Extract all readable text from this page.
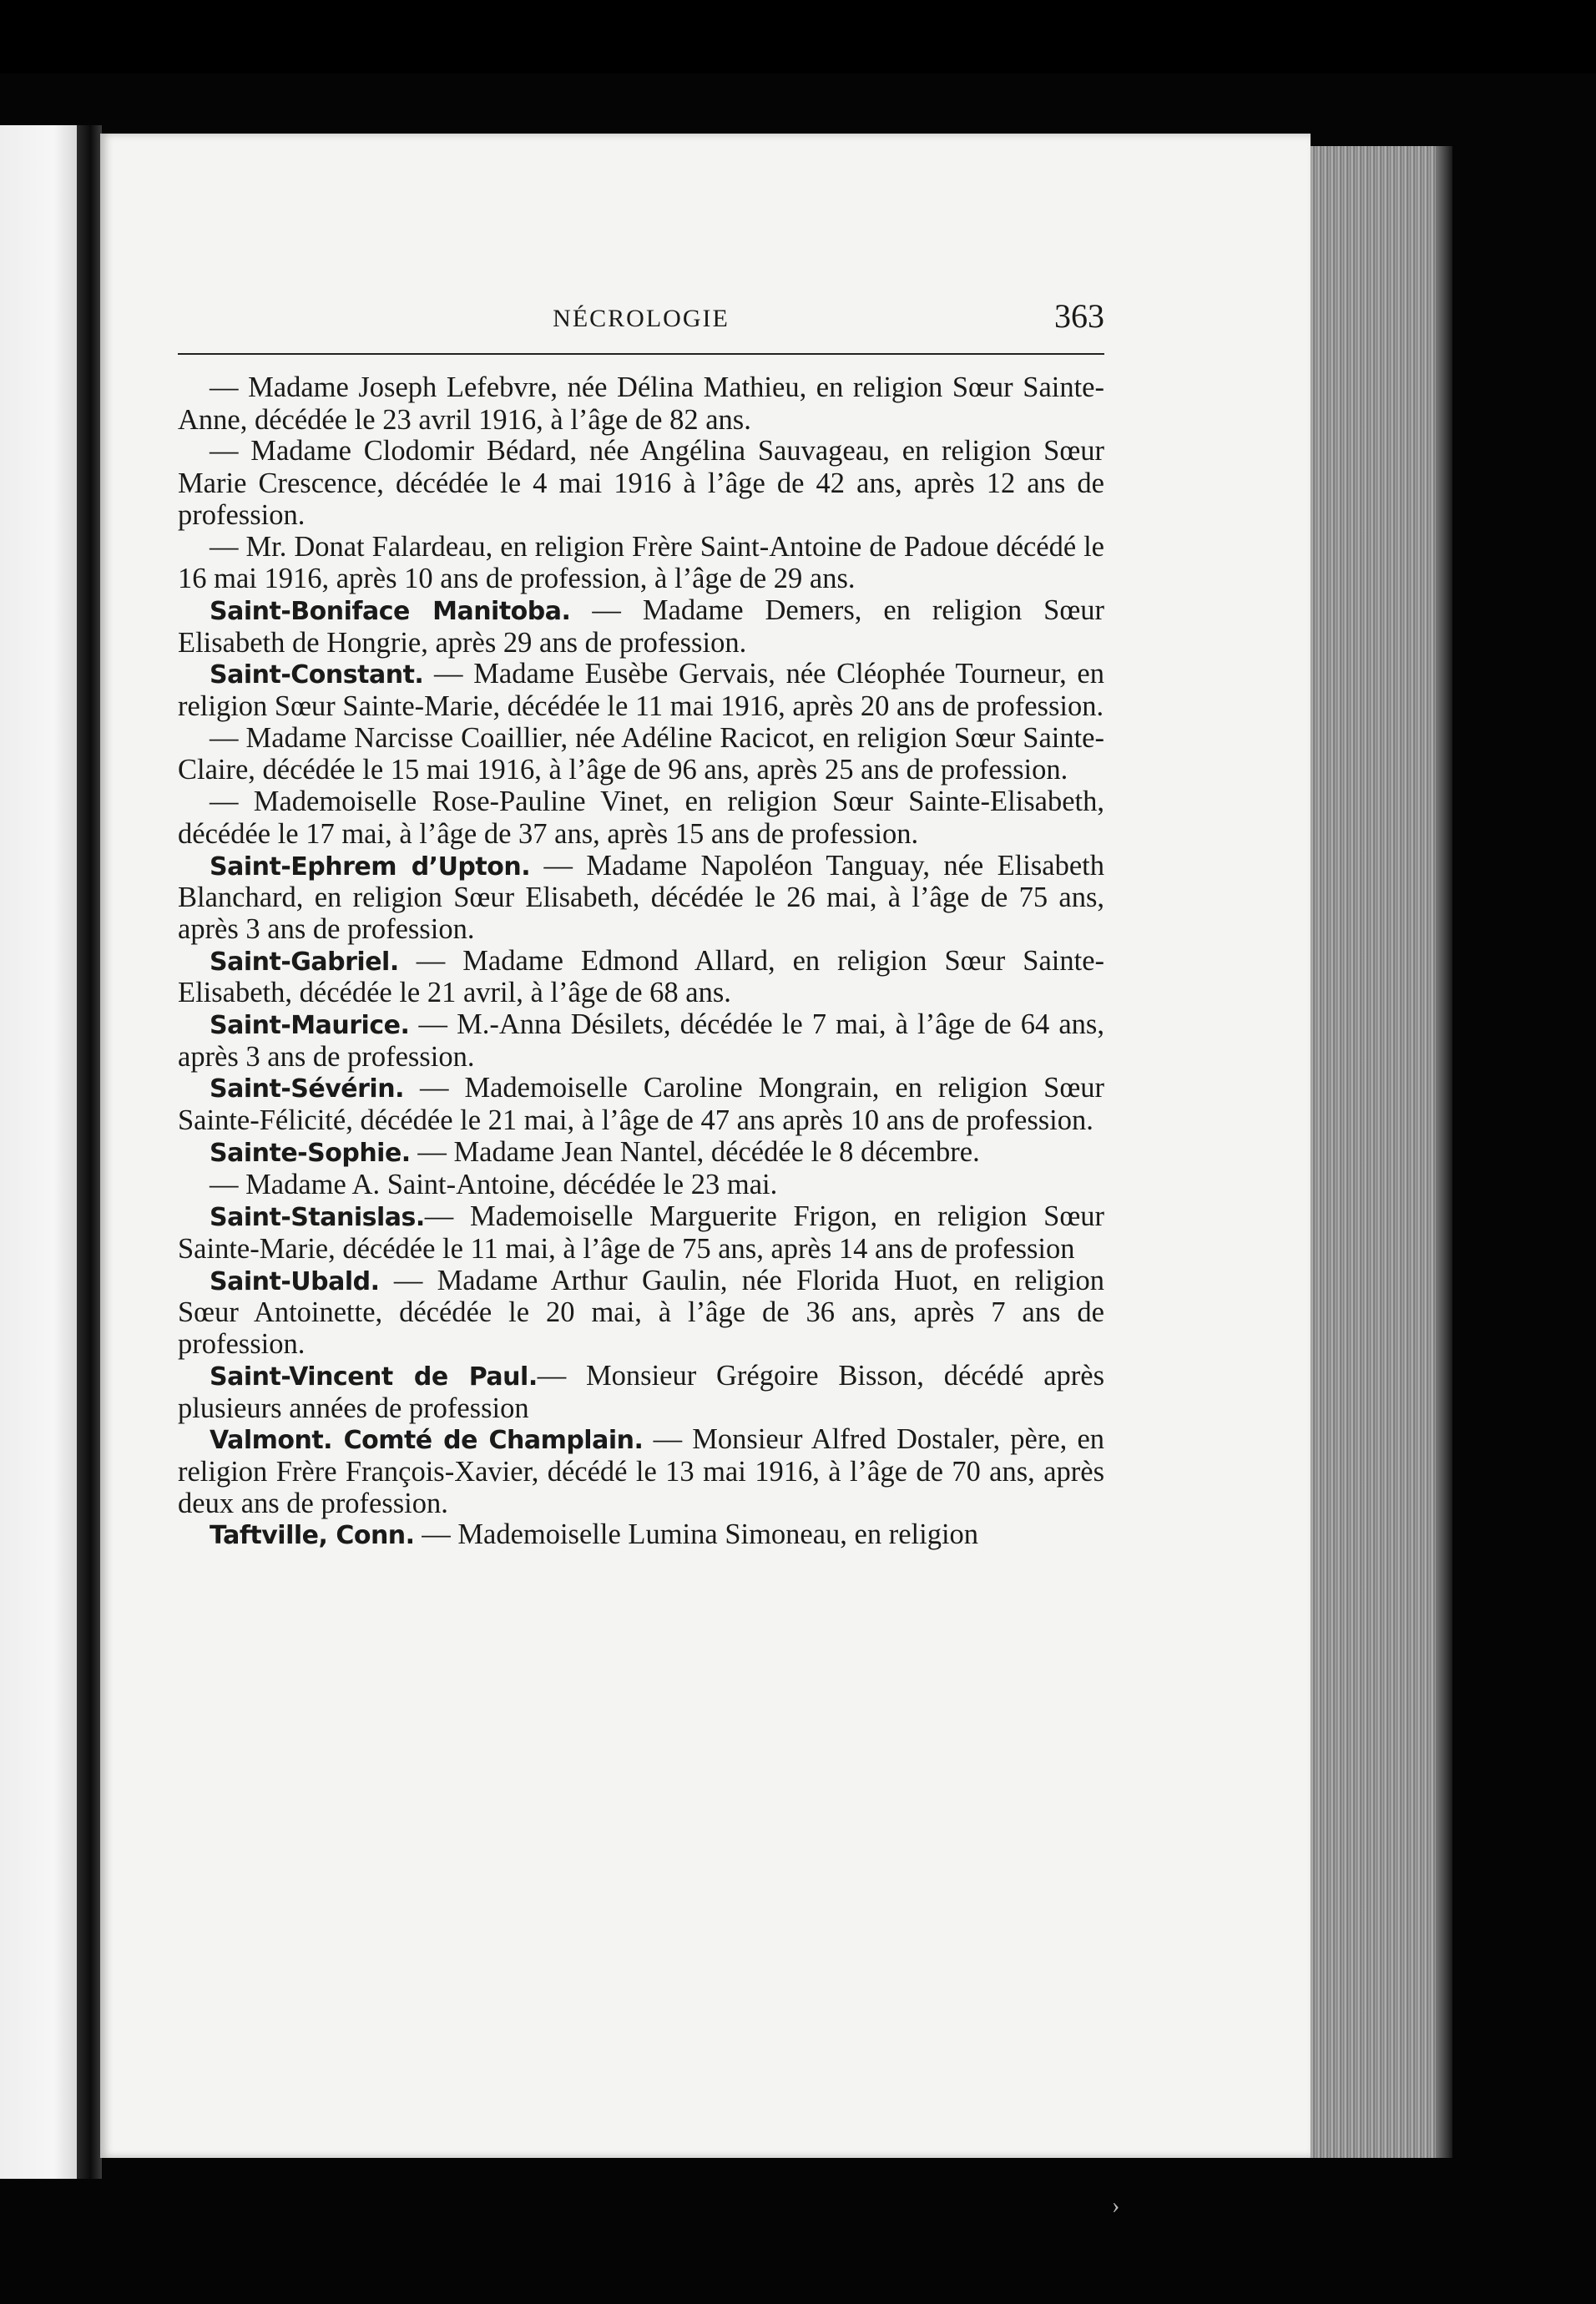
NÉCROLOGIE	363

— Madame Joseph Lefebvre, née Délina Mathieu, en religion Sœur Sainte-Anne, décédée le 23 avril 1916, à l’âge de 82 ans.

— Madame Clodomir Bédard, née Angélina Sauvageau, en religion Sœur Marie Crescence, décédée le 4 mai 1916 à l’âge de 42 ans, après 12 ans de profession.

— Mr. Donat Falardeau, en religion Frère Saint-Antoine de Padoue décédé le 16 mai 1916, après 10 ans de profession, à l’âge de 29 ans.

Saint-Boniface Manitoba. — Madame Demers, en religion Sœur Elisabeth de Hongrie, après 29 ans de profession.

Saint-Constant. — Madame Eusèbe Gervais, née Cléophée Tourneur, en religion Sœur Sainte-Marie, décédée le 11 mai 1916, après 20 ans de profession.

— Madame Narcisse Coaillier, née Adéline Racicot, en religion Sœur Sainte-Claire, décédée le 15 mai 1916, à l’âge de 96 ans, après 25 ans de profession.

— Mademoiselle Rose-Pauline Vinet, en religion Sœur Sainte-Elisabeth, décédée le 17 mai, à l’âge de 37 ans, après 15 ans de profession.

Saint-Ephrem d’Upton. — Madame Napoléon Tanguay, née Elisabeth Blanchard, en religion Sœur Elisabeth, décédée le 26 mai, à l’âge de 75 ans, après 3 ans de profession.

Saint-Gabriel. — Madame Edmond Allard, en religion Sœur Sainte-Elisabeth, décédée le 21 avril, à l’âge de 68 ans.

Saint-Maurice. — M.-Anna Désilets, décédée le 7 mai, à l’âge de 64 ans, après 3 ans de profession.

Saint-Sévérin. — Mademoiselle Caroline Mongrain, en religion Sœur Sainte-Félicité, décédée le 21 mai, à l’âge de 47 ans après 10 ans de profession.

Sainte-Sophie. — Madame Jean Nantel, décédée le 8 décembre.

— Madame A. Saint-Antoine, décédée le 23 mai.

Saint-Stanislas.— Mademoiselle Marguerite Frigon, en religion Sœur Sainte-Marie, décédée le 11 mai, à l’âge de 75 ans, après 14 ans de profession

Saint-Ubald. — Madame Arthur Gaulin, née Florida Huot, en religion Sœur Antoinette, décédée le 20 mai, à l’âge de 36 ans, après 7 ans de profession.

Saint-Vincent de Paul.— Monsieur Grégoire Bisson, décédé après plusieurs années de profession

Valmont. Comté de Champlain. — Monsieur Alfred Dostaler, père, en religion Frère François-Xavier, décédé le 13 mai 1916, à l’âge de 70 ans, après deux ans de profession.

Taftville, Conn. — Mademoiselle Lumina Simoneau, en religion

›
